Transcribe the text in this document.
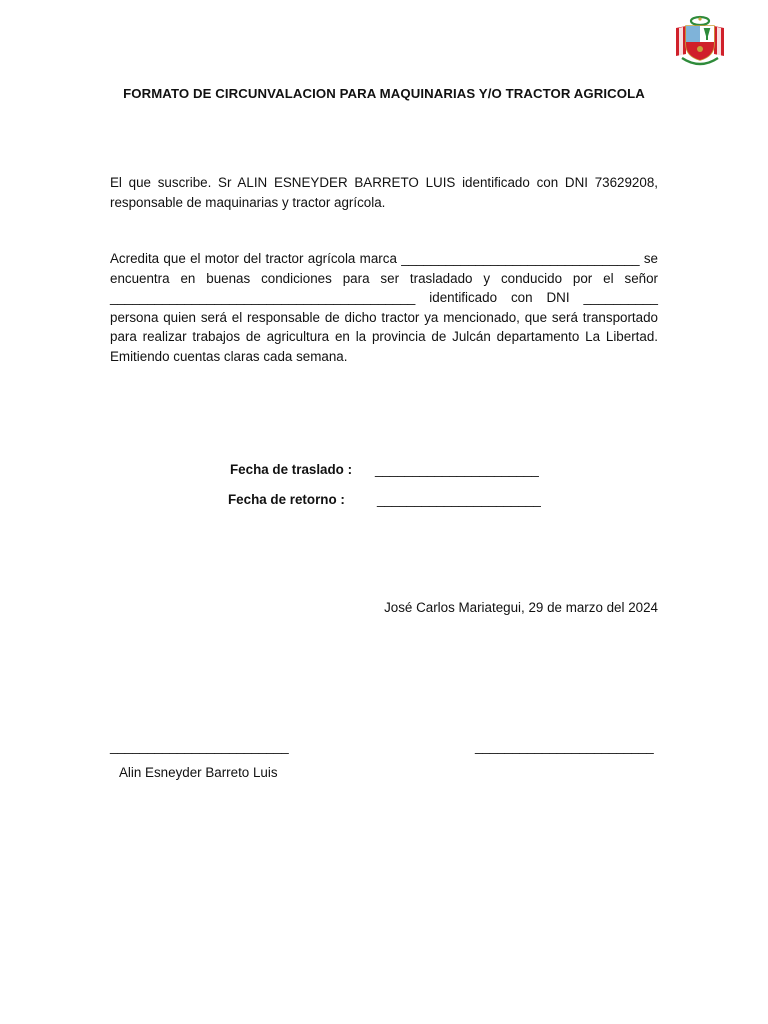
FORMATO DE CIRCUNVALACION PARA MAQUINARIAS Y/O TRACTOR AGRICOLA

El que suscribe. Sr ALIN ESNEYDER BARRETO LUIS identificado con DNI 73629208, responsable de maquinarias y tractor agrícola.

Acredita que el motor del tractor agrícola marca ________________________________ se encuentra en buenas condiciones para ser trasladado y conducido por el señor _________________________________________ identificado con DNI __________ persona quien será el responsable de dicho tractor ya mencionado, que será transportado para realizar trabajos de agricultura en la provincia de Julcán departamento La Libertad. Emitiendo cuentas claras cada semana.

Fecha de traslado : ______________________
Fecha de retorno : ______________________
José Carlos Mariategui, 29 de marzo del 2024
________________________	________________________
Alin Esneyder Barreto Luis
